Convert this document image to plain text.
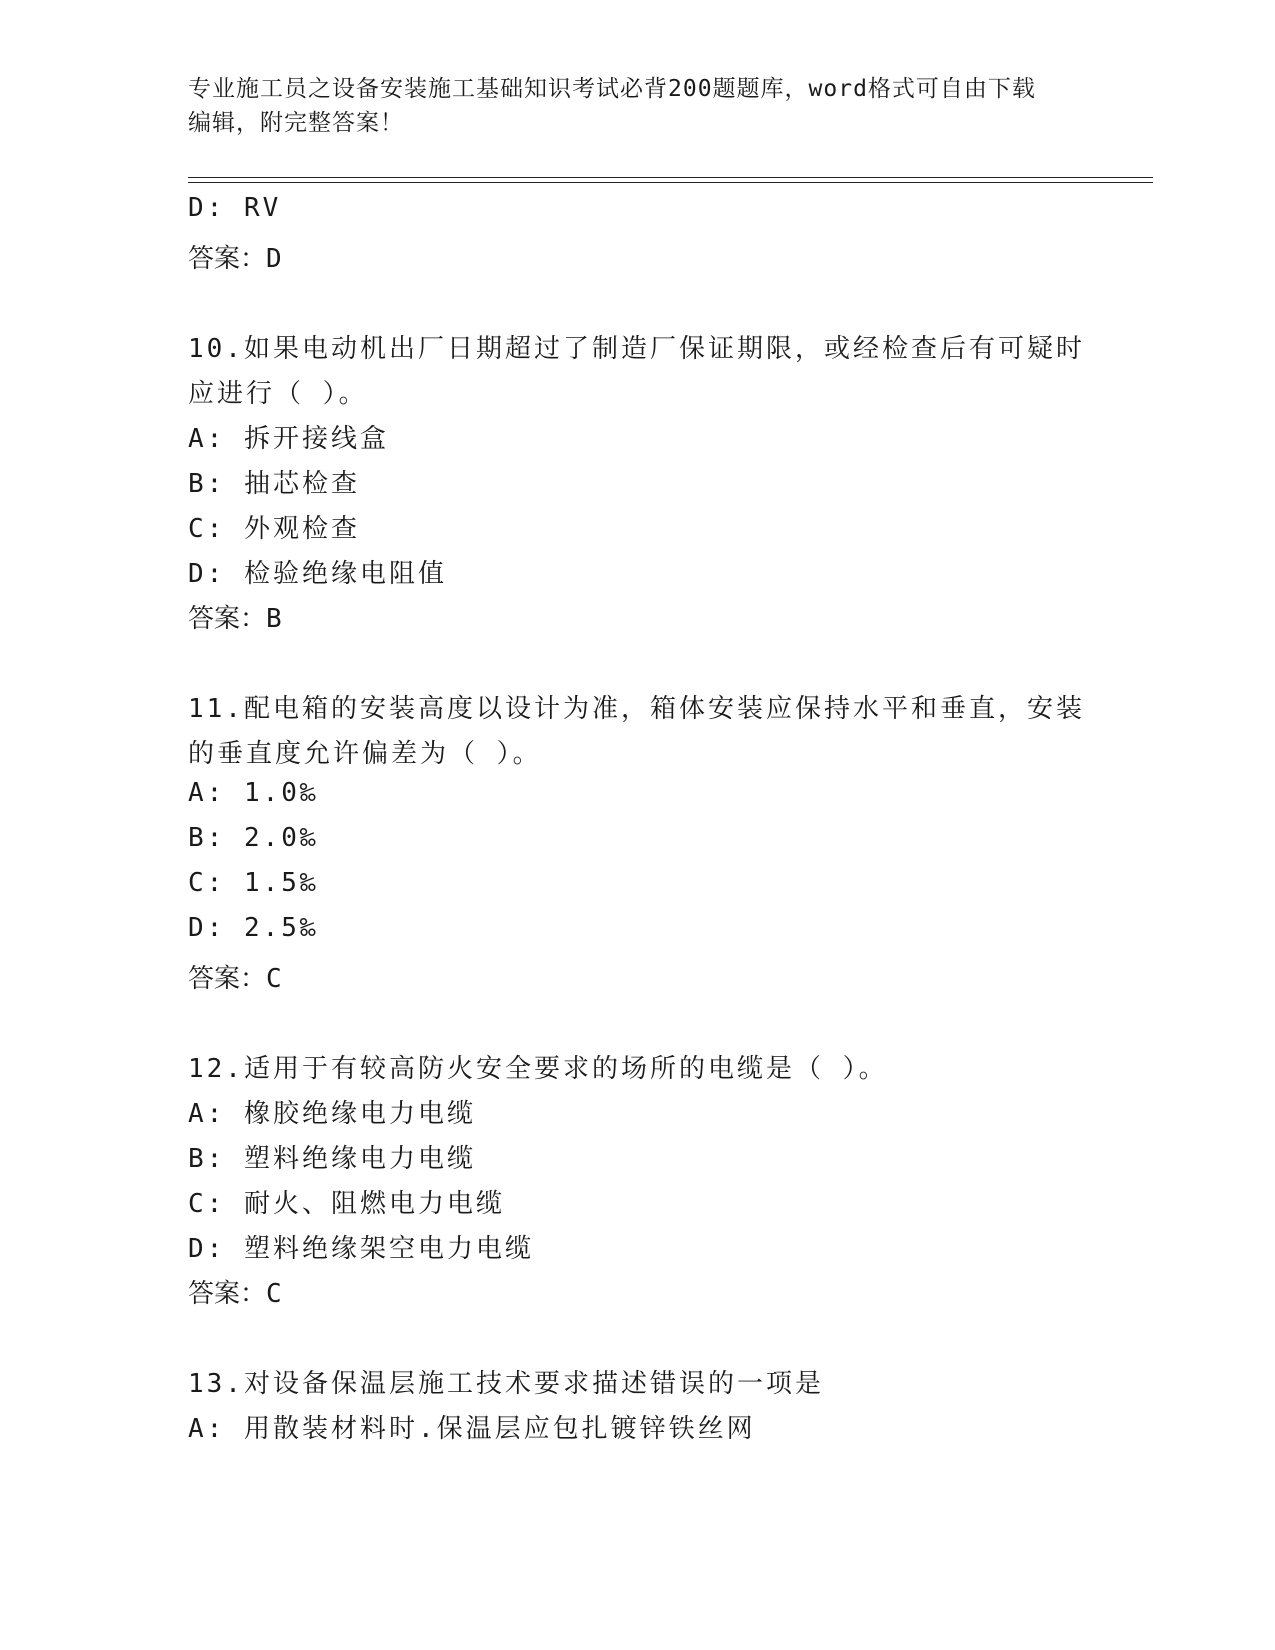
专业施工员之设备安装施工基础知识考试必背200题题库，word格式可自由下载
编辑，附完整答案！
D: RV
答案：D
10.如果电动机出厂日期超过了制造厂保证期限，或经检查后有可疑时
应进行（ ）。
A: 拆开接线盒
B: 抽芯检查
C: 外观检查
D: 检验绝缘电阻值
答案：B
11.配电箱的安装高度以设计为准，箱体安装应保持水平和垂直，安装
的垂直度允许偏差为（ ）。
A: 1.0‰
B: 2.0‰
C: 1.5‰
D: 2.5‰
答案：C
12.适用于有较高防火安全要求的场所的电缆是（ ）。
A: 橡胶绝缘电力电缆
B: 塑料绝缘电力电缆
C: 耐火、阻燃电力电缆
D: 塑料绝缘架空电力电缆
答案：C
13.对设备保温层施工技术要求描述错误的一项是
A: 用散装材料时.保温层应包扎镀锌铁丝网
